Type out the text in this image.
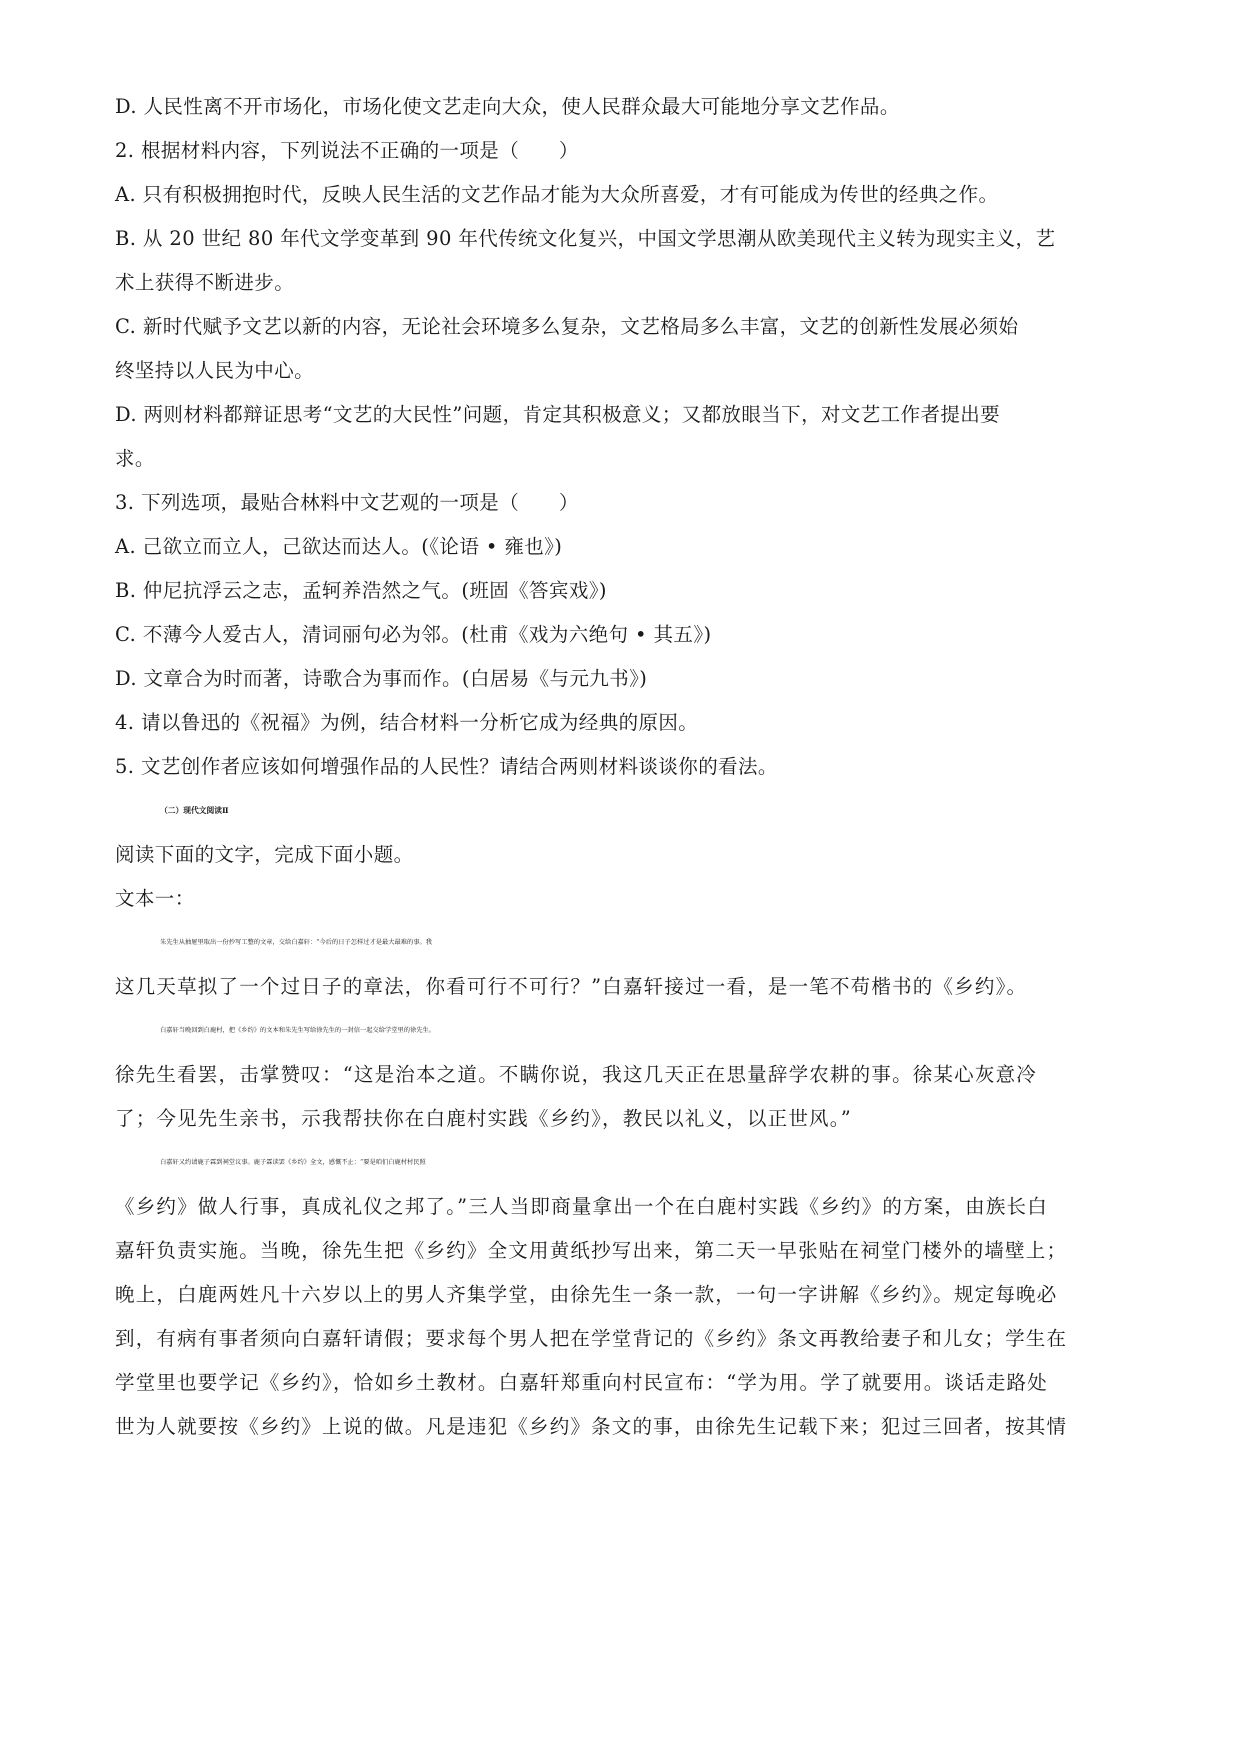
D. 人民性离不开市场化，市场化使文艺走向大众，使人民群众最大可能地分享文艺作品。
2. 根据材料内容，下列说法不正确的一项是（　　）
A. 只有积极拥抱时代，反映人民生活的文艺作品才能为大众所喜爱，才有可能成为传世的经典之作。
B. 从 20 世纪 80 年代文学变革到 90 年代传统文化复兴，中国文学思潮从欧美现代主义转为现实主义，艺
术上获得不断进步。
C. 新时代赋予文艺以新的内容，无论社会环境多么复杂，文艺格局多么丰富，文艺的创新性发展必须始
终坚持以人民为中心。
D. 两则材料都辩证思考“文艺的大民性”问题，肯定其积极意义；又都放眼当下，对文艺工作者提出要
求。
3. 下列选项，最贴合林料中文艺观的一项是（　　）
A. 己欲立而立人，己欲达而达人。(《论语 • 雍也》)
B. 仲尼抗浮云之志，孟轲养浩然之气。(班固《答宾戏》)
C. 不薄今人爱古人，清词丽句必为邻。(杜甫《戏为六绝句 • 其五》)
D. 文章合为时而著，诗歌合为事而作。(白居易《与元九书》)
4. 请以鲁迅的《祝福》为例，结合材料一分析它成为经典的原因。
5. 文艺创作者应该如何增强作品的人民性？请结合两则材料谈谈你的看法。
（二）现代文阅读Ⅱ
阅读下面的文字，完成下面小题。
文本一：
朱先生从抽屉里取出一份抄写工整的文章，交给白嘉轩：“今后的日子怎样过才是最大最难的事。我
这几天草拟了一个过日子的章法，你看可行不可行？”白嘉轩接过一看，是一笔不苟楷书的《乡约》。
白嘉轩当晚回到白鹿村，把《乡约》的文本和朱先生写给徐先生的一封信一起交给学堂里的徐先生。
徐先生看罢，击掌赞叹：“这是治本之道。不瞒你说，我这几天正在思量辞学农耕的事。徐某心灰意冷
了；今见先生亲书，示我帮扶你在白鹿村实践《乡约》，教民以礼义，以正世风。”
白嘉轩又约请鹿子霖到祠堂议事。鹿子霖读罢《乡约》全文，感慨不止：“要是咱们白鹿村村民照
《乡约》做人行事，真成礼仪之邦了。”三人当即商量拿出一个在白鹿村实践《乡约》的方案，由族长白
嘉轩负责实施。当晚，徐先生把《乡约》全文用黄纸抄写出来，第二天一早张贴在祠堂门楼外的墙壁上；
晚上，白鹿两姓凡十六岁以上的男人齐集学堂，由徐先生一条一款，一句一字讲解《乡约》。规定每晚必
到，有病有事者须向白嘉轩请假；要求每个男人把在学堂背记的《乡约》条文再教给妻子和儿女；学生在
学堂里也要学记《乡约》，恰如乡土教材。白嘉轩郑重向村民宣布：“学为用。学了就要用。谈话走路处
世为人就要按《乡约》上说的做。凡是违犯《乡约》条文的事，由徐先生记载下来；犯过三回者，按其情
